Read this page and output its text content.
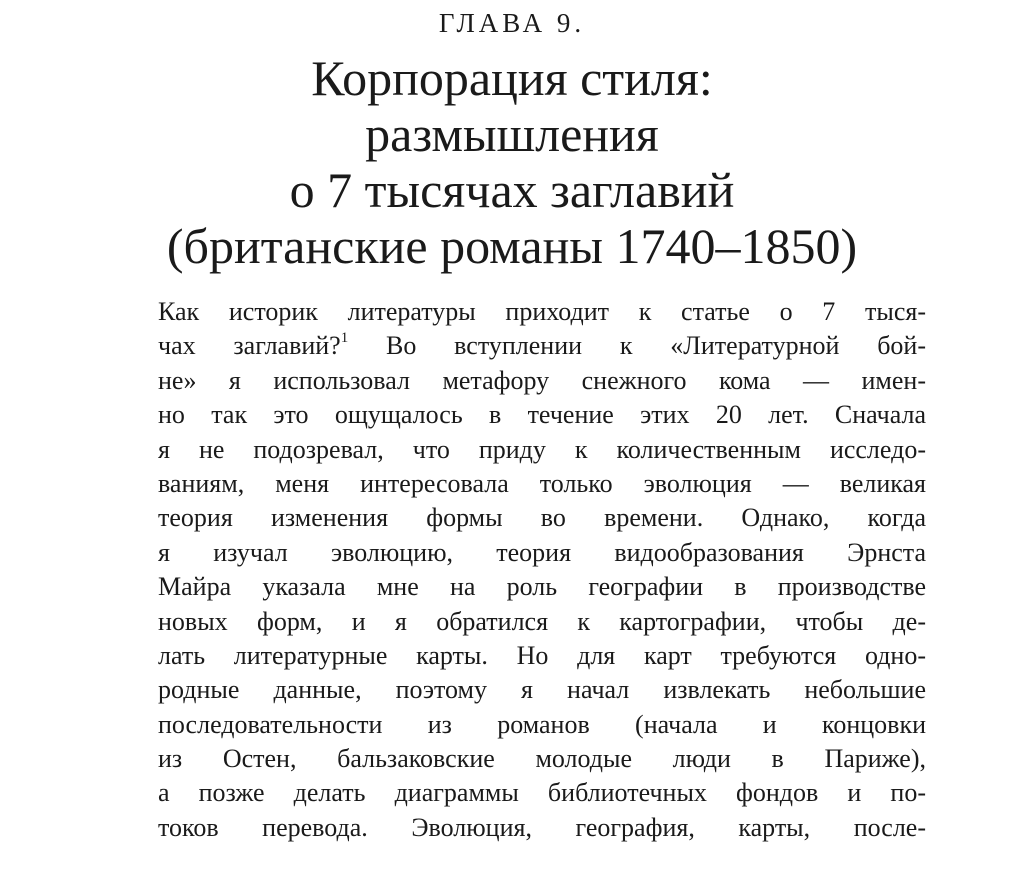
ГЛАВА 9.
Корпорация стиля:
размышления
о 7 тысячах заглавий
(британские романы 1740–1850)
Как историк литературы приходит к статье о 7 тыся-
чах заглавий?$^1$ Во вступлении к «Литературной бой-
не» я использовал метафору снежного кома — имен-
но так это ощущалось в течение этих 20 лет. Сначала
я не подозревал, что приду к количественным исследо-
ваниям, меня интересовала только эволюция — великая
теория изменения формы во времени. Однако, когда
я изучал эволюцию, теория видообразования Эрнста
Майра указала мне на роль географии в производстве
новых форм, и я обратился к картографии, чтобы де-
лать литературные карты. Но для карт требуются одно-
родные данные, поэтому я начал извлекать небольшие
последовательности из романов (начала и концовки
из Остен, бальзаковские молодые люди в Париже),
а позже делать диаграммы библиотечных фондов и по-
токов перевода. Эволюция, география, карты, после-
